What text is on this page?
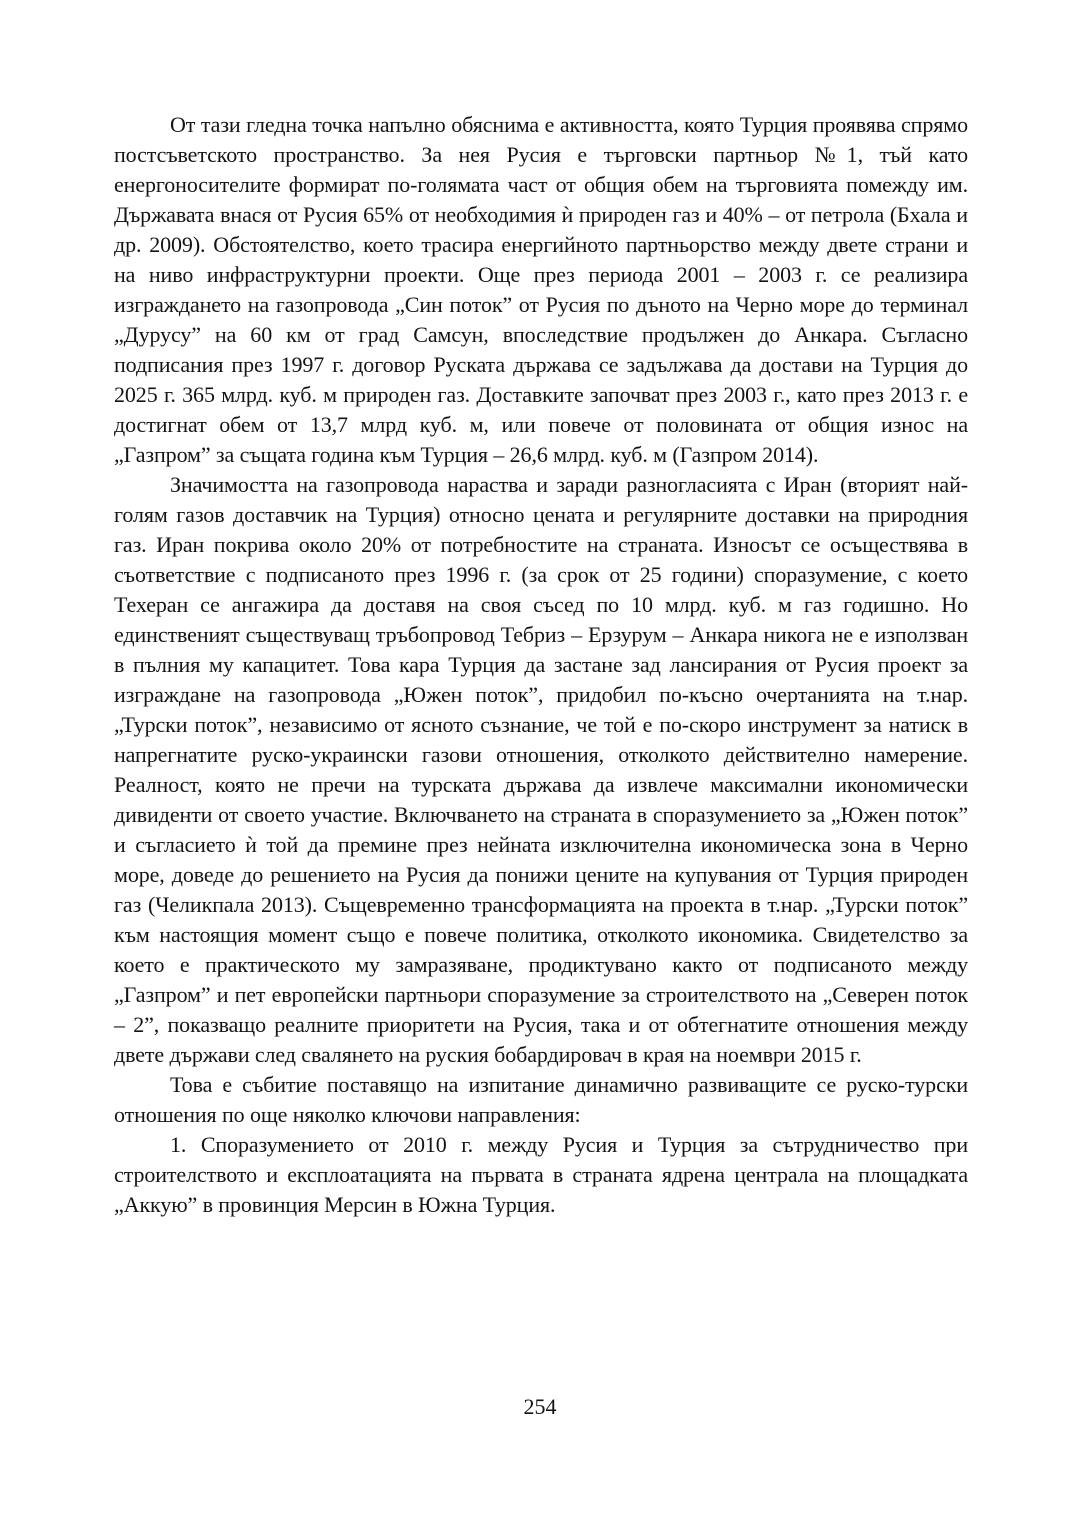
От тази гледна точка напълно обяснима е активността, която Турция проявява спрямо постсъветското пространство. За нея Русия е търговски партньор №1, тъй като енергоносителите формират по-голямата част от общия обем на търговията помежду им. Държавата внася от Русия 65% от необходимия ѝ природен газ и 40% – от петрола (Бхала и др. 2009). Обстоятелство, което трасира енергийното партньорство между двете страни и на ниво инфраструктурни проекти. Още през периода 2001 – 2003 г. се реализира изграждането на газопровода „Син поток” от Русия по дъното на Черно море до терминал „Дурусу” на 60 км от град Самсун, впоследствие продължен до Анкара. Съгласно подписания през 1997 г. договор Руската държава се задължава да достави на Турция до 2025 г. 365 млрд. куб. м природен газ. Доставките започват през 2003 г., като през 2013 г. е достигнат обем от 13,7 млрд куб. м, или повече от половината от общия износ на „Газпром” за същата година към Турция – 26,6 млрд. куб. м (Газпром 2014).

Значимостта на газопровода нараства и заради разногласията с Иран (вторият най-голям газов доставчик на Турция) относно цената и регулярните доставки на природния газ. Иран покрива около 20% от потребностите на страната. Износът се осъществява в съответствие с подписаното през 1996 г. (за срок от 25 години) споразумение, с което Техеран се ангажира да доставя на своя съсед по 10 млрд. куб. м газ годишно. Но единственият съществуващ тръбопровод Тебриз – Ерзурум – Анкара никога не е използван в пълния му капацитет. Това кара Турция да застане зад лансирания от Русия проект за изграждане на газопровода „Южен поток”, придобил по-късно очертанията на т.нар. „Турски поток”, независимо от ясното съзнание, че той е по-скоро инструмент за натиск в напрегнатите руско-украински газови отношения, отколкото действително намерение. Реалност, която не пречи на турската държава да извлече максимални икономически дивиденти от своето участие. Включването на страната в споразумението за „Южен поток” и съгласието ѝ той да премине през нейната изключителна икономическа зона в Черно море, доведе до решението на Русия да понижи цените на купувания от Турция природен газ (Челикпала 2013). Същевременно трансформацията на проекта в т.нар. „Турски поток” към настоящия момент също е повече политика, отколкото икономика. Свидетелство за което е практическото му замразяване, продиктувано както от подписаното между „Газпром” и пет европейски партньори споразумение за строителството на „Северен поток – 2”, показващо реалните приоритети на Русия, така и от обтегнатите отношения между двете държави след свалянето на руския бобардировач в края на ноември 2015 г.

Това е събитие поставящо на изпитание динамично развиващите се руско-турски отношения по още няколко ключови направления:

1. Споразумението от 2010 г. между Русия и Турция за сътрудничество при строителството и експлоатацията на първата в страната ядрена централа на площадката „Аккую” в провинция Мерсин в Южна Турция.

254
